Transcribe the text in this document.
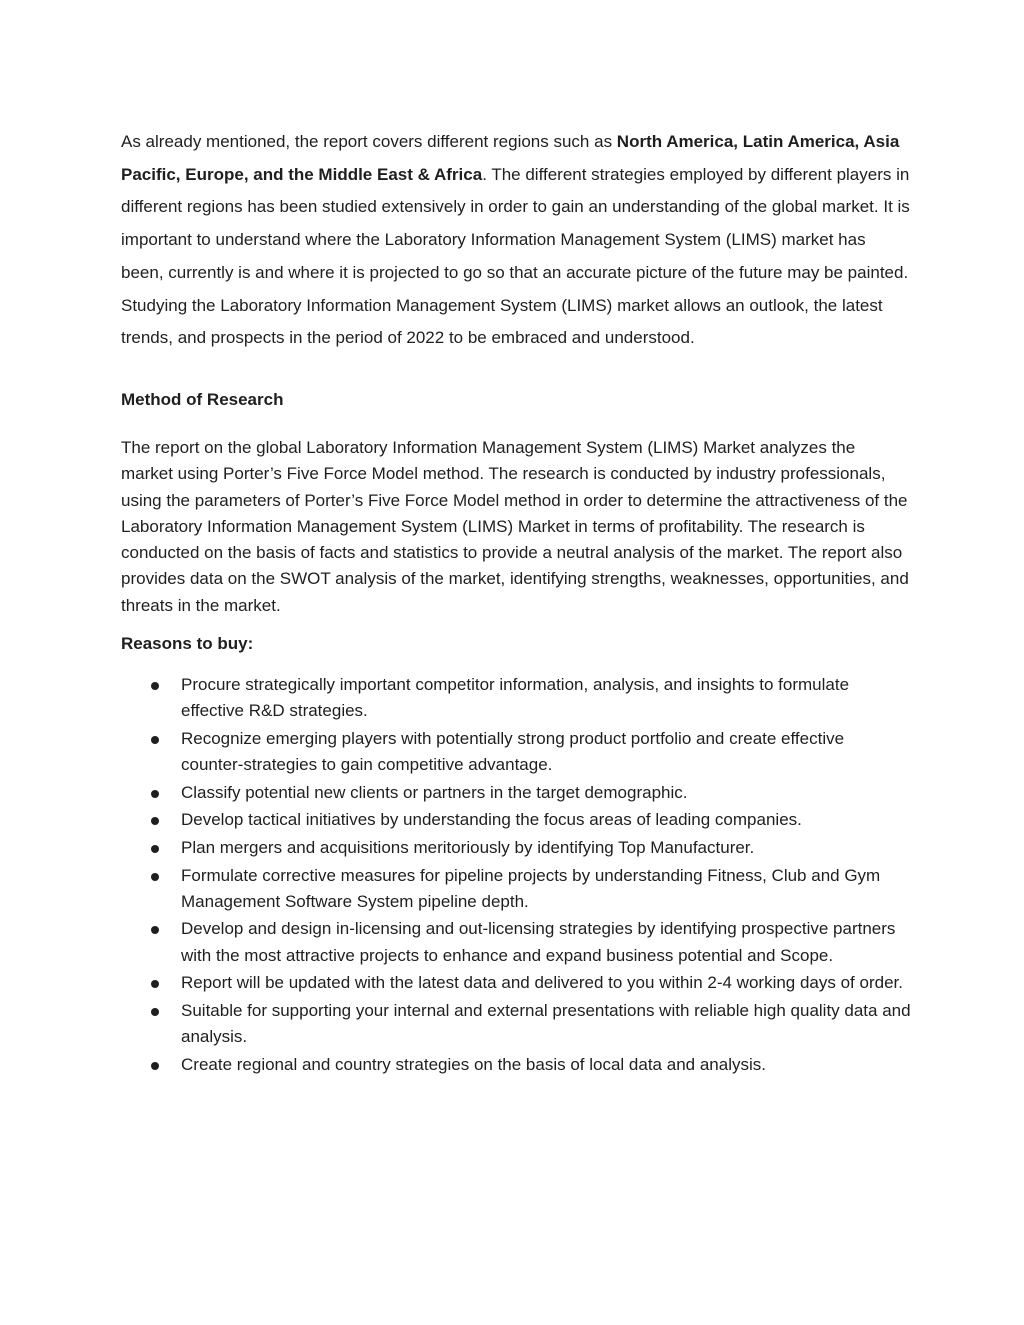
As already mentioned, the report covers different regions such as North America, Latin America, Asia Pacific, Europe, and the Middle East & Africa. The different strategies employed by different players in different regions has been studied extensively in order to gain an understanding of the global market. It is important to understand where the Laboratory Information Management System (LIMS) market has been, currently is and where it is projected to go so that an accurate picture of the future may be painted. Studying the Laboratory Information Management System (LIMS) market allows an outlook, the latest trends, and prospects in the period of 2022 to be embraced and understood.

Method of Research

The report on the global Laboratory Information Management System (LIMS) Market analyzes the market using Porter’s Five Force Model method. The research is conducted by industry professionals, using the parameters of Porter’s Five Force Model method in order to determine the attractiveness of the Laboratory Information Management System (LIMS) Market in terms of profitability. The research is conducted on the basis of facts and statistics to provide a neutral analysis of the market. The report also provides data on the SWOT analysis of the market, identifying strengths, weaknesses, opportunities, and threats in the market.

Reasons to buy:

Procure strategically important competitor information, analysis, and insights to formulate effective R&D strategies.
Recognize emerging players with potentially strong product portfolio and create effective counter-strategies to gain competitive advantage.
Classify potential new clients or partners in the target demographic.
Develop tactical initiatives by understanding the focus areas of leading companies.
Plan mergers and acquisitions meritoriously by identifying Top Manufacturer.
Formulate corrective measures for pipeline projects by understanding Fitness, Club and Gym Management Software System pipeline depth.
Develop and design in-licensing and out-licensing strategies by identifying prospective partners with the most attractive projects to enhance and expand business potential and Scope.
Report will be updated with the latest data and delivered to you within 2-4 working days of order.
Suitable for supporting your internal and external presentations with reliable high quality data and analysis.
Create regional and country strategies on the basis of local data and analysis.
